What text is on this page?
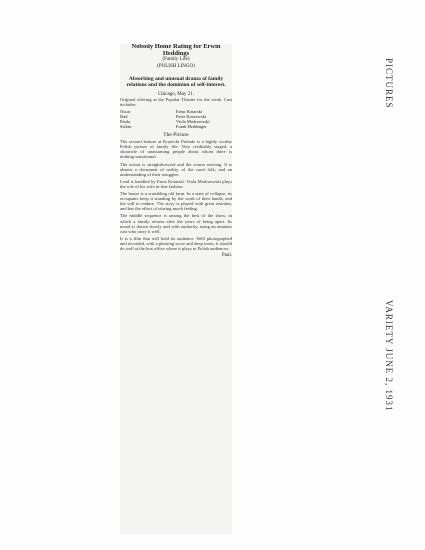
Nobody Home Rating for Erwin Heddings
(Family Life)
(POLISH LINGO)
Absorbing and unusual drama of family relations and the dominion of self-interest.
Chicago, May 21.

Original offering at the Popular Theatre for the week. Cast includes:

Oscar	Ernst Kotarski
Dad	Peter Koszewski
Paula	Viola Modrzowski
Stefan	Frank Heddinger
The Picture

The second feature at Krynicki Prelude is a highly worthy Polish picture of family life. Very creditably staged, a chronicle of unassuming people about whom there is nothing sensational.

The action is straightforward and the scenes moving. It is almost a document of reality, of the rural folk, and an understanding of their struggles.

Lead is handled by Ernst Kotarski. Viola Modrzowski plays the role of his wife in fine fashion.

The house is a crumbling old farm. In a state of collapse, its occupants keep it standing by the work of their hands, and the will to endure. The story is played with great restraint, and has the effect of stirring much feeling.

The middle sequence is among the best of the show, in which a family returns after the years of being apart. Its mood is drawn slowly and with authority, using an amateur cast who carry it well.

It is a film that will hold its audience. Well photographed and recorded, with a pleasing score and deep tones, it should do well at the box office where it plays to Polish audiences.

Paul.
PICTURES
VARIETY JUNE 2, 1931
